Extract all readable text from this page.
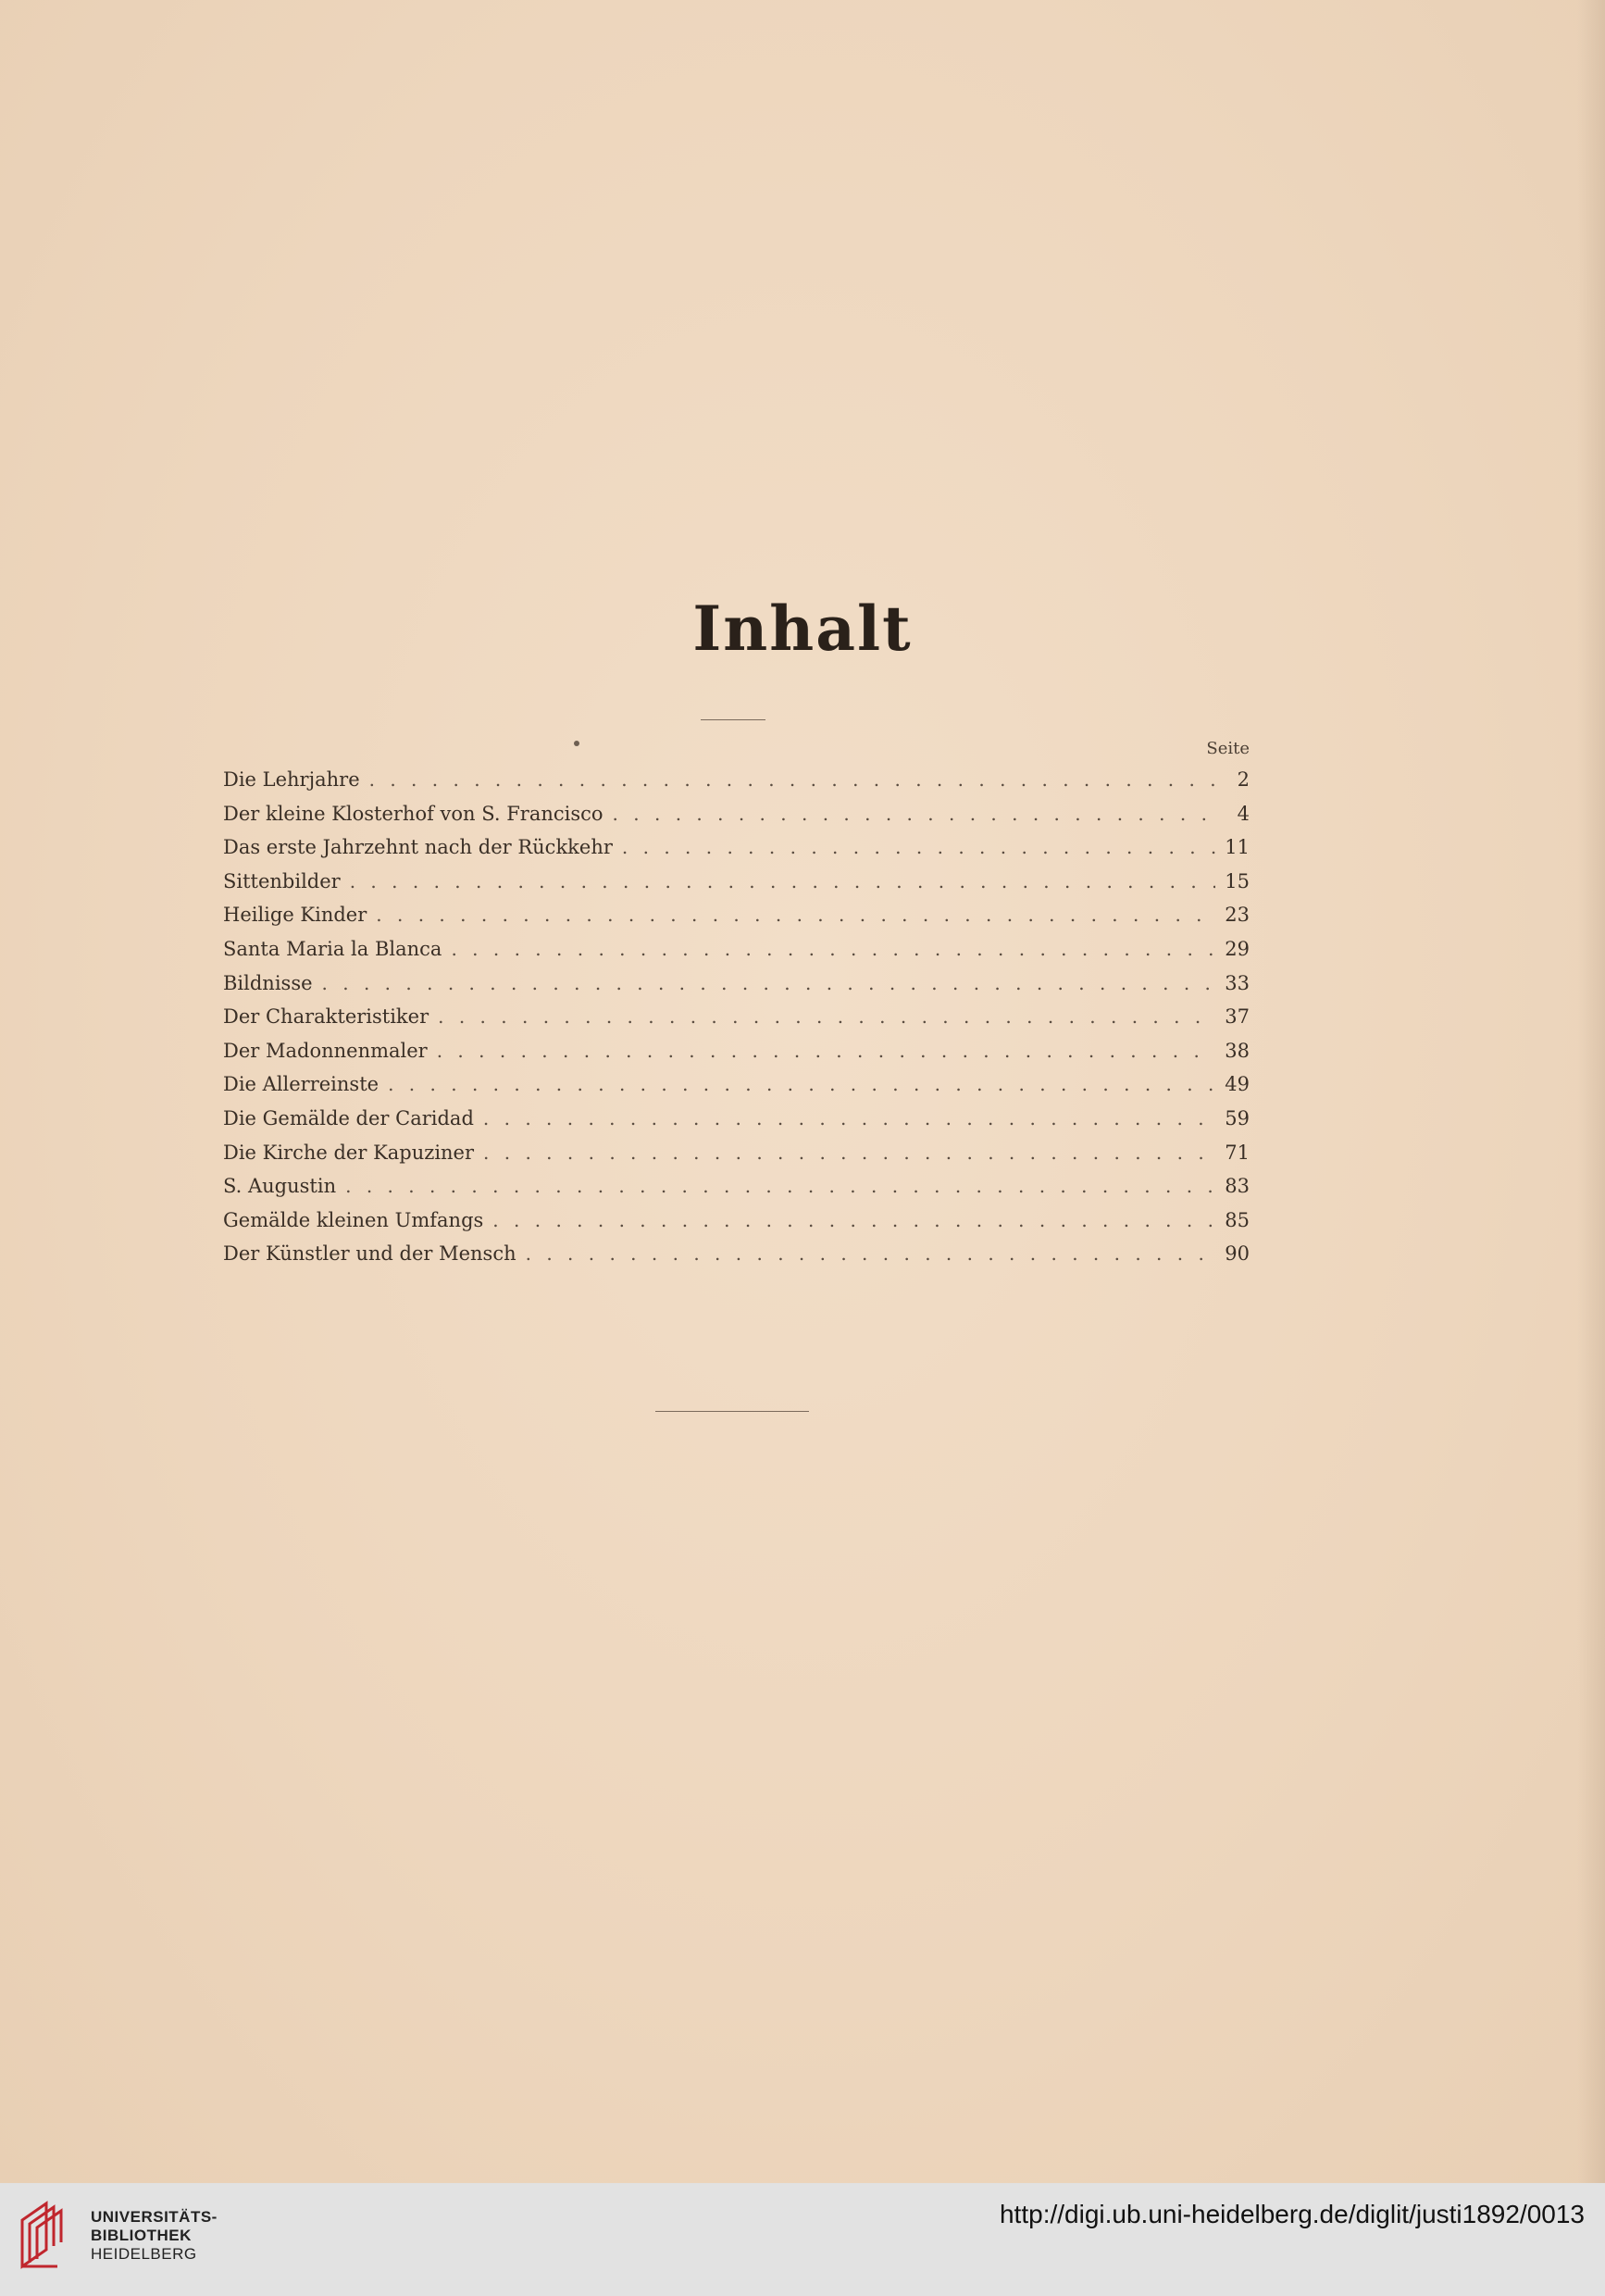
Inhalt
Seite
Die Lehrjahre . . .	2
Der kleine Klosterhof von S. Francisco . . .	4
Das erste Jahrzehnt nach der Rückkehr . . .	11
Sittenbilder . . .	15
Heilige Kinder . . .	23
Santa Maria la Blanca . . .	29
Bildnisse . . .	33
Der Charakteristiker . . .	37
Der Madonnenmaler . . .	38
Die Allerreinste . . .	49
Die Gemälde der Caridad . . .	59
Die Kirche der Kapuziner . . .	71
S. Augustin . . .	83
Gemälde kleinen Umfangs . . .	85
Der Künstler und der Mensch . . .	90
UNIVERSITÄTS-
BIBLIOTHEK
HEIDELBERG
http://digi.ub.uni-heidelberg.de/diglit/justi1892/0013
